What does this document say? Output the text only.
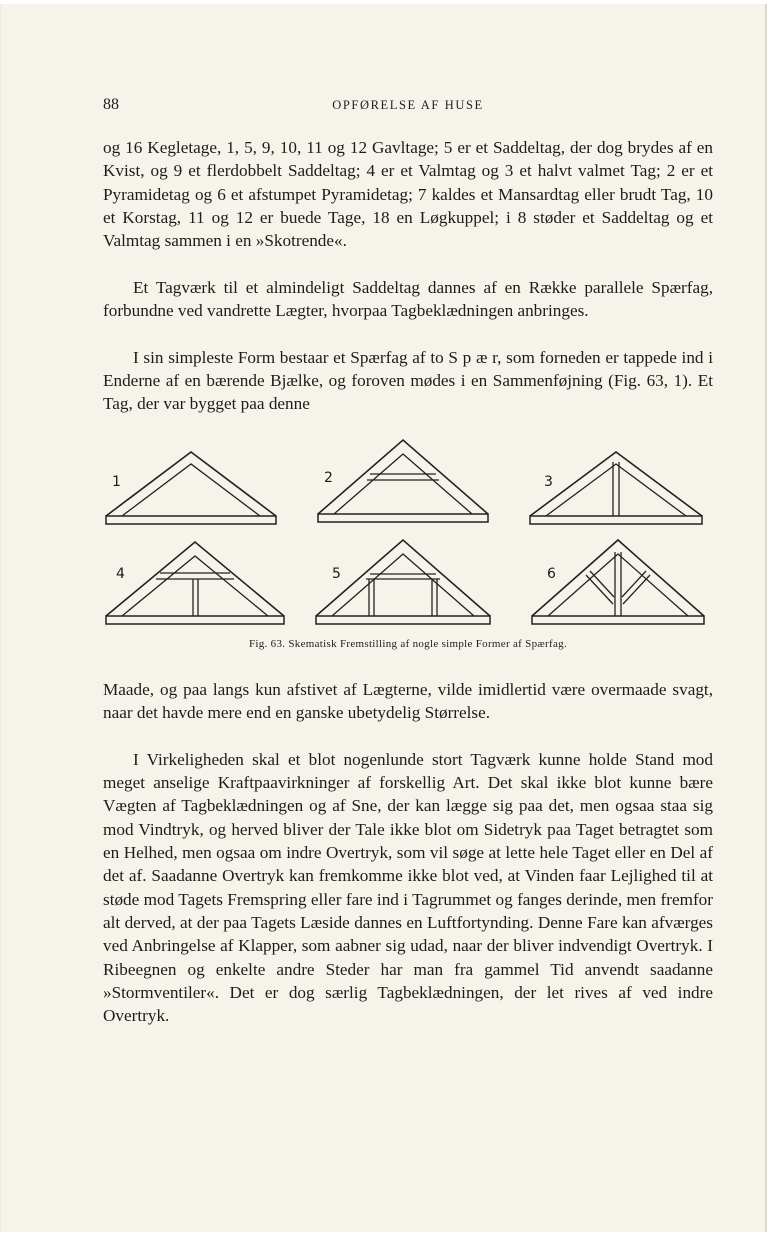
88	OPFØRELSE AF HUSE

og 16 Kegletage, 1, 5, 9, 10, 11 og 12 Gavltage; 5 er et Saddeltag, der dog brydes af en Kvist, og 9 et flerdobbelt Saddeltag; 4 er et Valmtag og 3 et halvt valmet Tag; 2 er et Pyramidetag og 6 et afstumpet Pyramidetag; 7 kaldes et Mansardtag eller brudt Tag, 10 et Korstag, 11 og 12 er buede Tage, 18 en Løgkuppel; i 8 støder et Saddeltag og et Valmtag sammen i en »Skotrende«.

Et Tagværk til et almindeligt Saddeltag dannes af en Række parallele Spærfag, forbundne ved vandrette Lægter, hvorpaa Tagbeklædningen anbringes.

I sin simpleste Form bestaar et Spærfag af to S p æ r, som forneden er tappede ind i Enderne af en bærende Bjælke, og foroven mødes i en Sammenføjning (Fig. 63, 1). Et Tag, der var bygget paa denne

1	2	3
4	5	6
Fig. 63. Skematisk Fremstilling af nogle simple Former af Spærfag.

Maade, og paa langs kun afstivet af Lægterne, vilde imidlertid være overmaade svagt, naar det havde mere end en ganske ubetydelig Størrelse.

I Virkeligheden skal et blot nogenlunde stort Tagværk kunne holde Stand mod meget anselige Kraftpaavirkninger af forskellig Art. Det skal ikke blot kunne bære Vægten af Tagbeklædningen og af Sne, der kan lægge sig paa det, men ogsaa staa sig mod Vindtryk, og herved bliver der Tale ikke blot om Sidetryk paa Taget betragtet som en Helhed, men ogsaa om indre Overtryk, som vil søge at lette hele Taget eller en Del af det af. Saadanne Overtryk kan fremkomme ikke blot ved, at Vinden faar Lejlighed til at støde mod Tagets Fremspring eller fare ind i Tagrummet og fanges derinde, men fremfor alt derved, at der paa Tagets Læside dannes en Luftfortynding. Denne Fare kan afværges ved Anbringelse af Klapper, som aabner sig udad, naar der bliver indvendigt Overtryk. I Ribeegnen og enkelte andre Steder har man fra gammel Tid anvendt saadanne »Stormventiler«. Det er dog særlig Tagbeklædningen, der let rives af ved indre Overtryk.
